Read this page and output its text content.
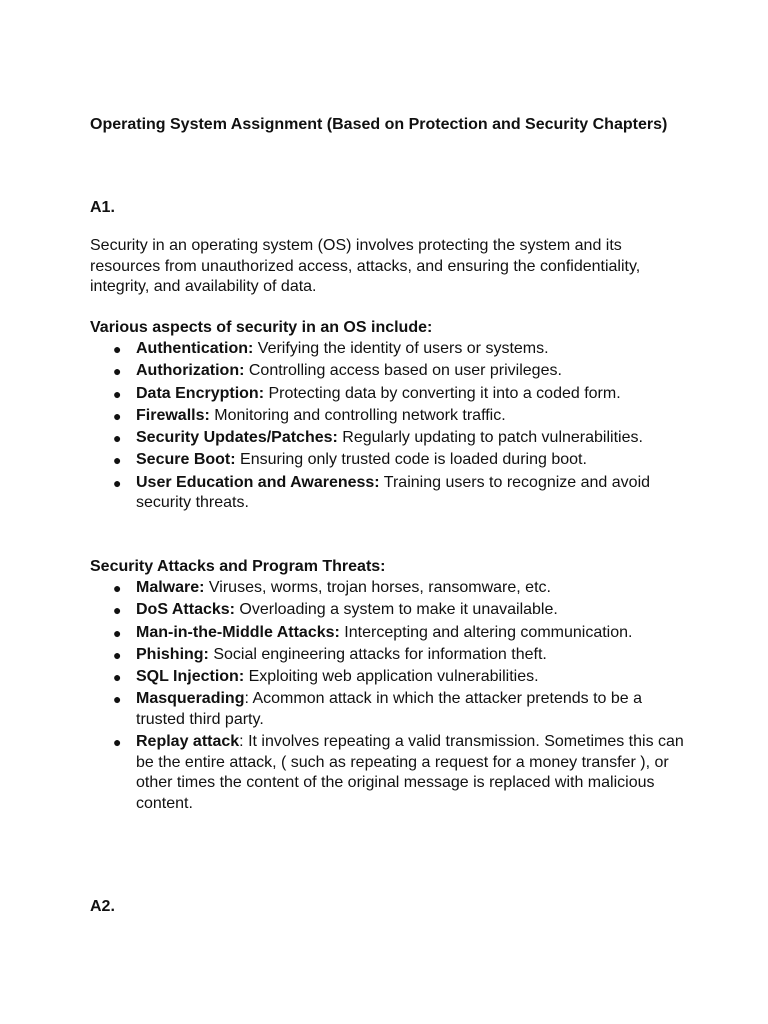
Operating System Assignment (Based on Protection and Security Chapters)

A1.

Security in an operating system (OS) involves protecting the system and its resources from unauthorized access, attacks, and ensuring the confidentiality, integrity, and availability of data.

Various aspects of security in an OS include:

● Authentication: Verifying the identity of users or systems.
● Authorization: Controlling access based on user privileges.
● Data Encryption: Protecting data by converting it into a coded form.
● Firewalls: Monitoring and controlling network traffic.
● Security Updates/Patches: Regularly updating to patch vulnerabilities.
● Secure Boot: Ensuring only trusted code is loaded during boot.
● User Education and Awareness: Training users to recognize and avoid security threats.

Security Attacks and Program Threats:

● Malware: Viruses, worms, trojan horses, ransomware, etc.
● DoS Attacks: Overloading a system to make it unavailable.
● Man-in-the-Middle Attacks: Intercepting and altering communication.
● Phishing: Social engineering attacks for information theft.
● SQL Injection: Exploiting web application vulnerabilities.
● Masquerading: Acommon attack in which the attacker pretends to be a trusted third party.
● Replay attack: It involves repeating a valid transmission. Sometimes this can be the entire attack, ( such as repeating a request for a money transfer ), or other times the content of the original message is replaced with malicious content.

A2.
